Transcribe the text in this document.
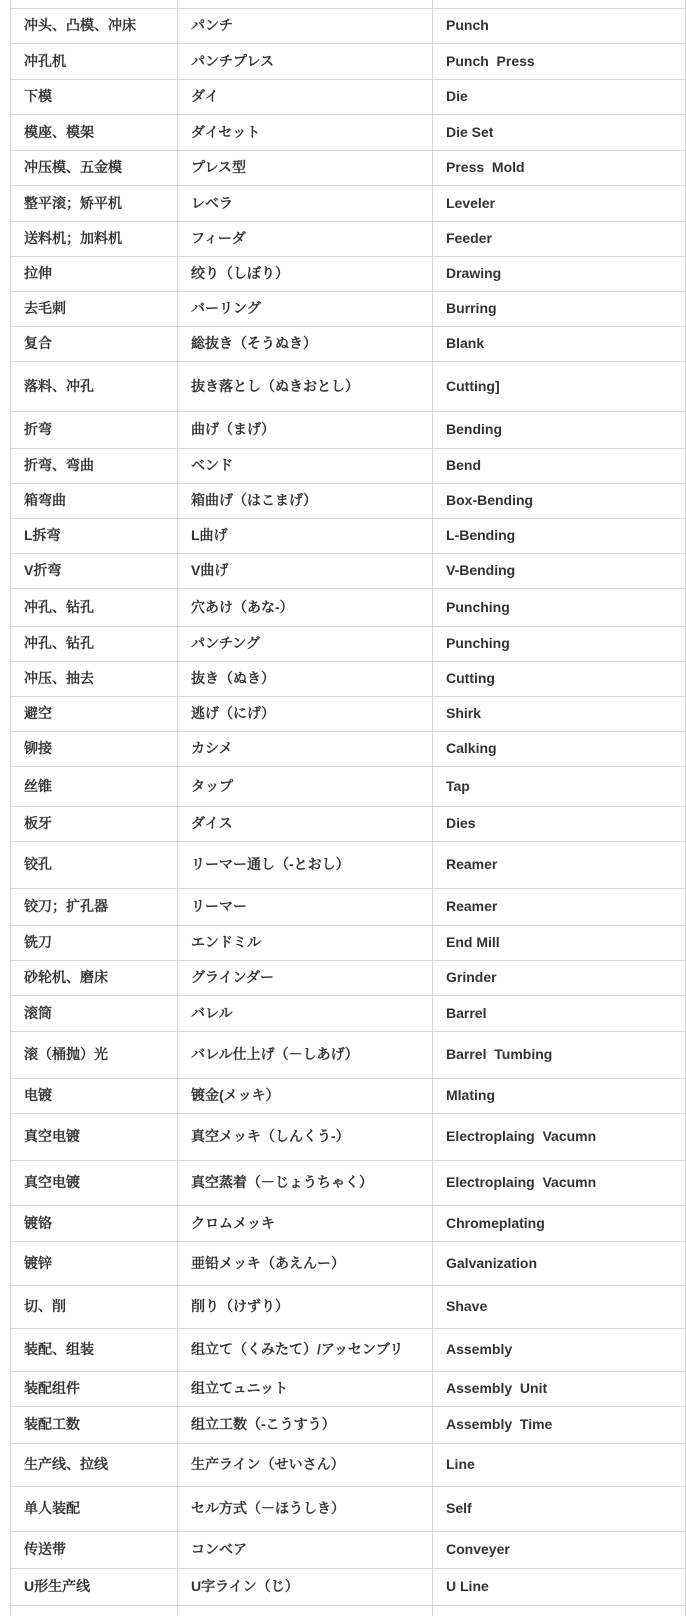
冲头、凸模、冲床	パンチ	Punch
冲孔机	パンチプレス	Punch  Press
下模	ダイ	Die
模座、模架	ダイセット	Die Set
冲压模、五金模	プレス型	Press  Mold
整平滚；矫平机	レベラ	Leveler
送料机；加料机	フィーダ	Feeder
拉伸	绞り（しぼり）	Drawing
去毛刺	バーリング	Burring
复合	総抜き（そうぬき）	Blank
落料、冲孔	抜き落とし（ぬきおとし）	Cutting]
折弯	曲げ（まげ）	Bending
折弯、弯曲	ベンド	Bend
箱弯曲	箱曲げ（はこまげ）	Box-Bending
L拆弯	L曲げ	L-Bending
V折弯	V曲げ	V-Bending
冲孔、钻孔	穴あけ（あな-）	Punching
冲孔、钻孔	パンチング	Punching
冲压、抽去	抜き（ぬき）	Cutting
避空	逃げ（にげ）	Shirk
铆接	カシメ	Calking
丝锥	タップ	Tap
板牙	ダイス	Dies
铰孔	リーマー通し（-とおし）	Reamer
铰刀；扩孔器	リーマー	Reamer
铣刀	エンドミル	End Mill
砂轮机、磨床	グラインダー	Grinder
滚筒	バレル	Barrel
滚（桶抛）光	バレル仕上げ（－しあげ）	Barrel  Tumbing
电镀	镀金(メッキ）	Mlating
真空电镀	真空メッキ（しんくう-）	Electroplaing  Vacumn
真空电镀	真空蒸着（－じょうちゃく）	Electroplaing  Vacumn
镀铬	クロムメッキ	Chromeplating
镀锌	亜铅メッキ（あえんー）	Galvanization
切、削	削り（けずり）	Shave
装配、组装	组立て（くみたて）/アッセンブリ	Assembly
装配组件	组立てュニット	Assembly  Unit
装配工数	组立工数（-こうすう）	Assembly  Time
生产线、拉线	生产ライン（せいさん）	Line
单人装配	セル方式（－ほうしき）	Self
传送带	コンベア	Conveyer
U形生产线	U字ライン（じ）	U Line
